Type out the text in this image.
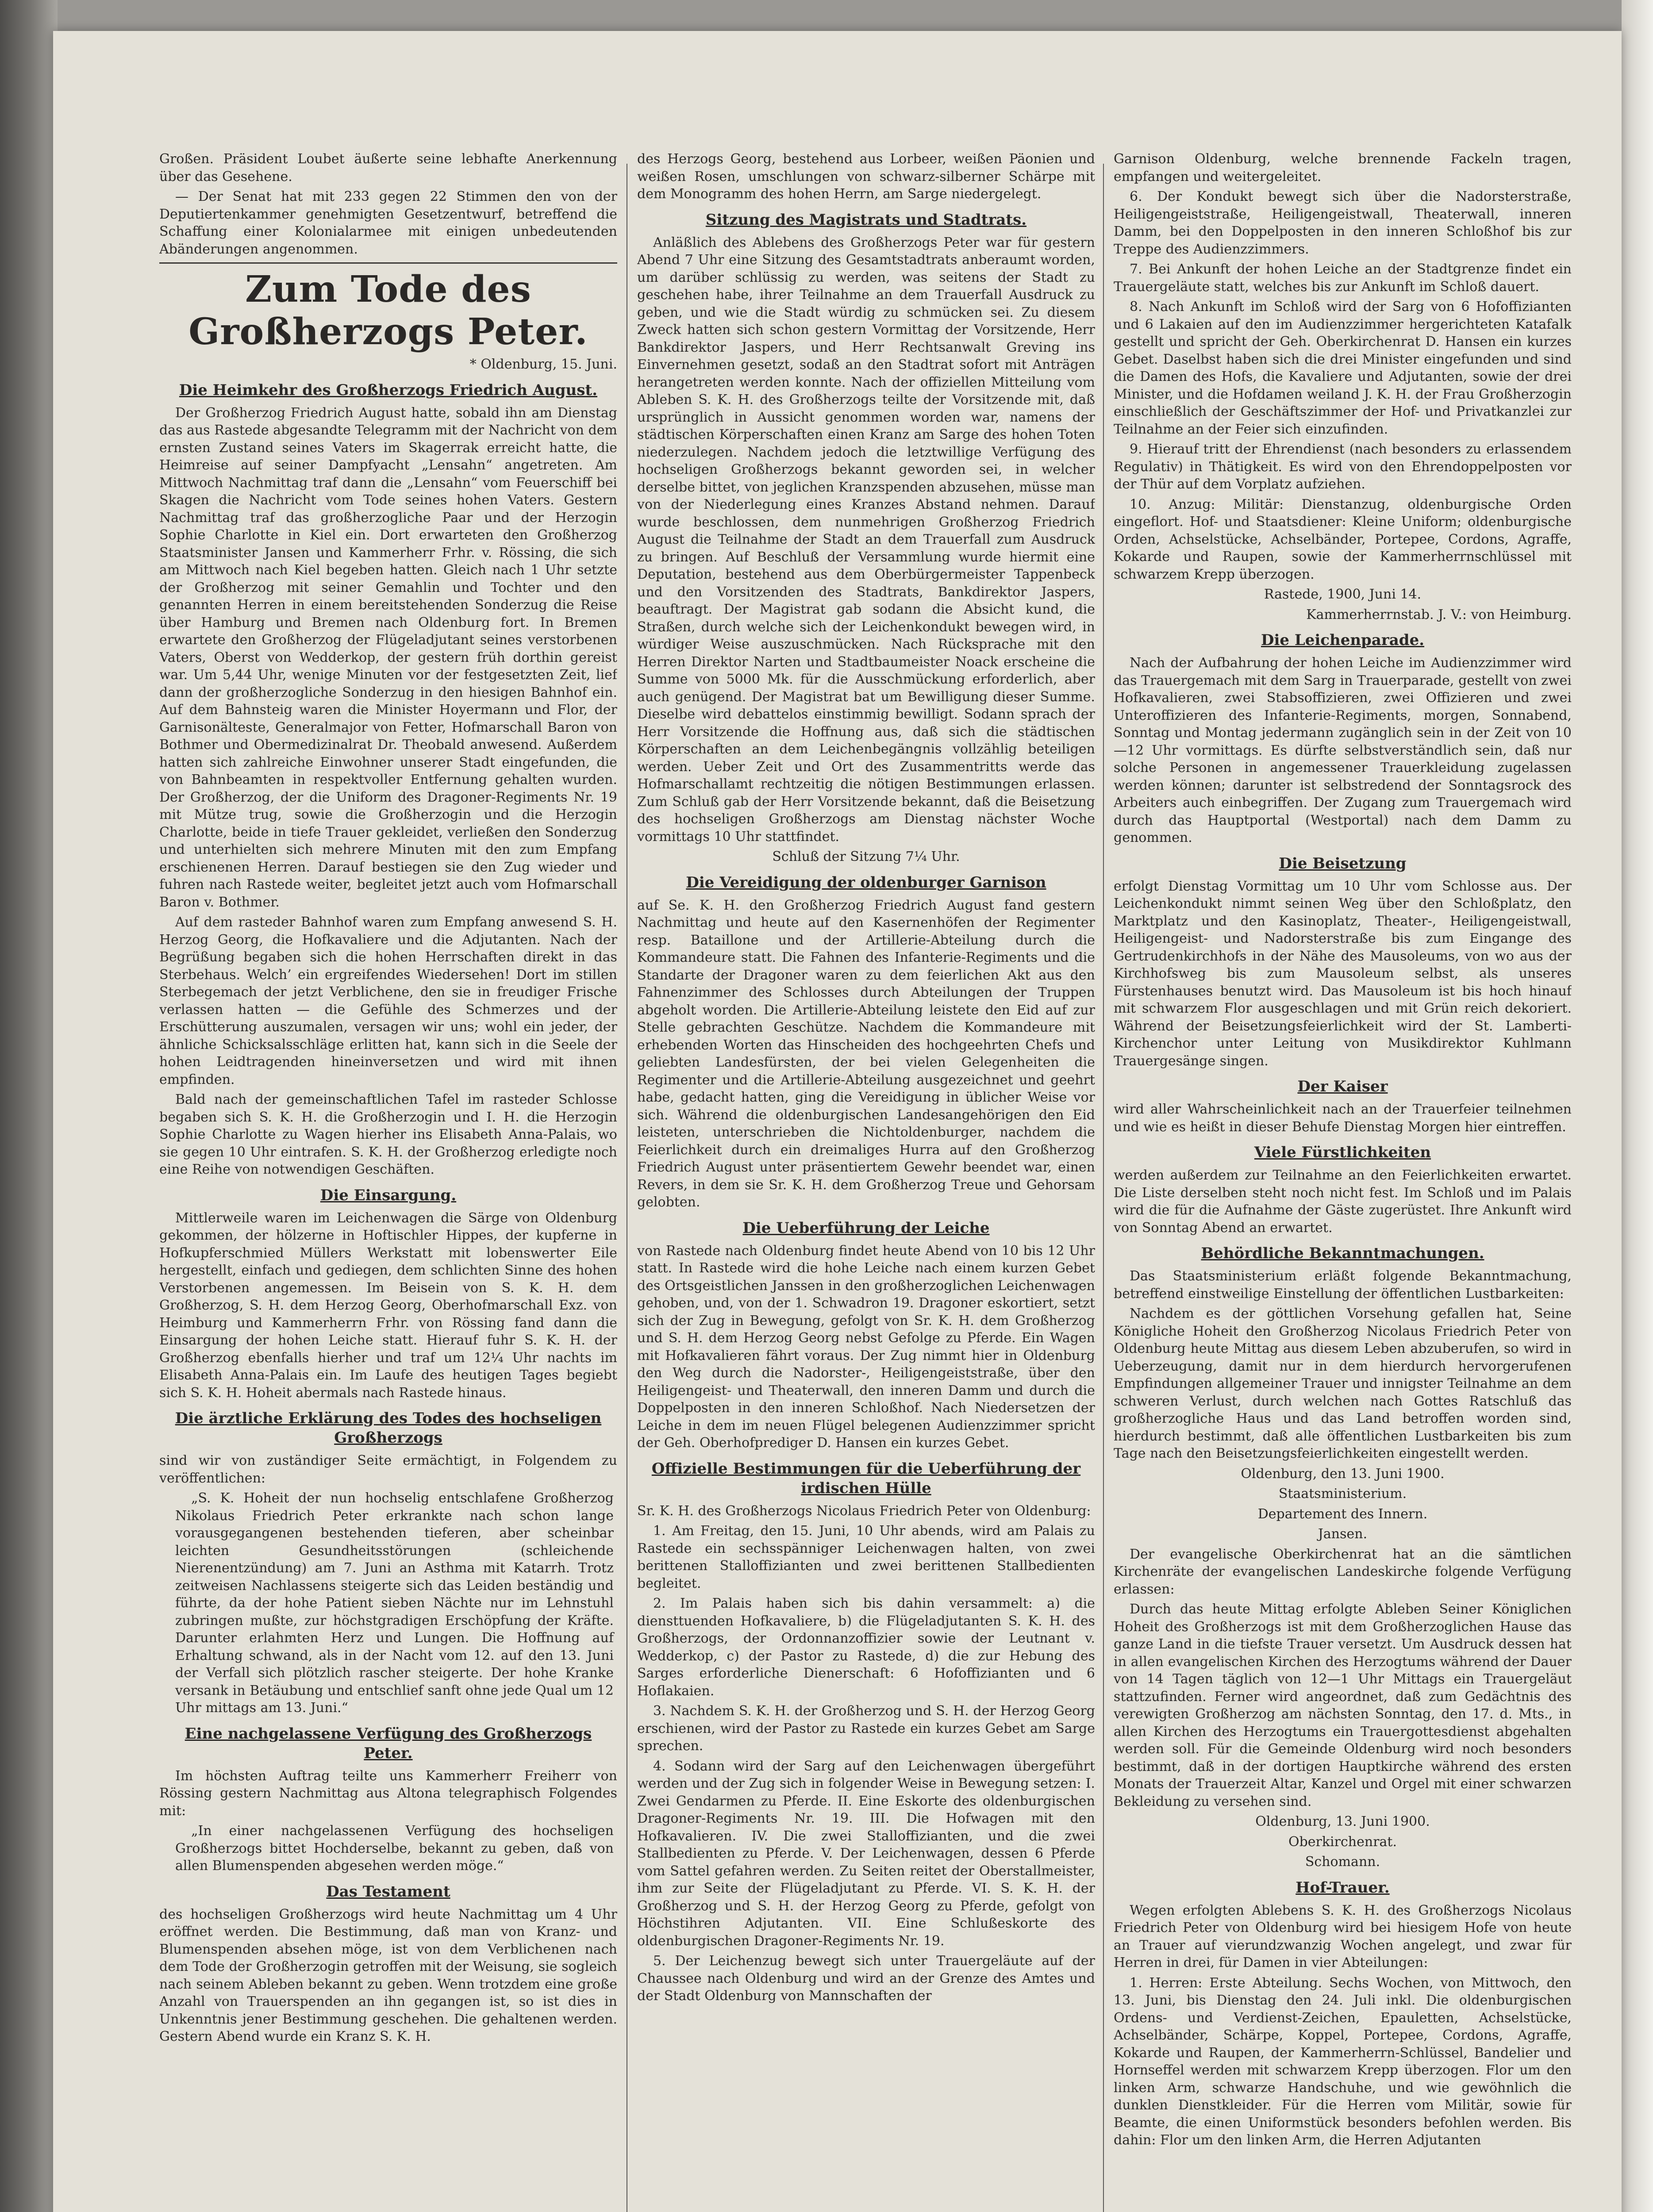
Großen. Präsident Loubet äußerte seine lebhafte Anerkennung über das Gesehene.

— Der Senat hat mit 233 gegen 22 Stimmen den von der Deputiertenkammer genehmigten Gesetzentwurf, betreffend die Schaffung einer Kolonialarmee mit einigen unbedeutenden Abänderungen angenommen.

Zum Tode des Großherzogs Peter.

* Oldenburg, 15. Juni.

Die Heimkehr des Großherzogs Friedrich August.

Der Großherzog Friedrich August hatte, sobald ihn am Dienstag das aus Rastede abgesandte Telegramm mit der Nachricht von dem ernsten Zustand seines Vaters im Skagerrak erreicht hatte, die Heimreise auf seiner Dampfyacht „Lensahn“ angetreten. Am Mittwoch Nachmittag traf dann die „Lensahn“ vom Feuerschiff bei Skagen die Nachricht vom Tode seines hohen Vaters. Gestern Nachmittag traf das großherzogliche Paar und der Herzogin Sophie Charlotte in Kiel ein. Dort erwarteten den Großherzog Staatsminister Jansen und Kammerherr Frhr. v. Rössing, die sich am Mittwoch nach Kiel begeben hatten. Gleich nach 1 Uhr setzte der Großherzog mit seiner Gemahlin und Tochter und den genannten Herren in einem bereitstehenden Sonderzug die Reise über Hamburg und Bremen nach Oldenburg fort. In Bremen erwartete den Großherzog der Flügeladjutant seines verstorbenen Vaters, Oberst von Wedderkop, der gestern früh dorthin gereist war. Um 5,44 Uhr, wenige Minuten vor der festgesetzten Zeit, lief dann der großherzogliche Sonderzug in den hiesigen Bahnhof ein. Auf dem Bahnsteig waren die Minister Hoyermann und Flor, der Garnisonälteste, Generalmajor von Fetter, Hofmarschall Baron von Bothmer und Obermedizinalrat Dr. Theobald anwesend. Außerdem hatten sich zahlreiche Einwohner unserer Stadt eingefunden, die von Bahnbeamten in respektvoller Entfernung gehalten wurden. Der Großherzog, der die Uniform des Dragoner-Regiments Nr. 19 mit Mütze trug, sowie die Großherzogin und die Herzogin Charlotte, beide in tiefe Trauer gekleidet, verließen den Sonderzug und unterhielten sich mehrere Minuten mit den zum Empfang erschienenen Herren. Darauf bestiegen sie den Zug wieder und fuhren nach Rastede weiter, begleitet jetzt auch vom Hofmarschall Baron v. Bothmer.

Auf dem rasteder Bahnhof waren zum Empfang anwesend S. H. Herzog Georg, die Hofkavaliere und die Adjutanten. Nach der Begrüßung begaben sich die hohen Herrschaften direkt in das Sterbehaus. Welch’ ein ergreifendes Wiedersehen! Dort im stillen Sterbegemach der jetzt Verblichene, den sie in freudiger Frische verlassen hatten — die Gefühle des Schmerzes und der Erschütterung auszumalen, versagen wir uns; wohl ein jeder, der ähnliche Schicksalsschläge erlitten hat, kann sich in die Seele der hohen Leidtragenden hineinversetzen und wird mit ihnen empfinden.

Bald nach der gemeinschaftlichen Tafel im rasteder Schlosse begaben sich S. K. H. die Großherzogin und I. H. die Herzogin Sophie Charlotte zu Wagen hierher ins Elisabeth Anna-Palais, wo sie gegen 10 Uhr eintrafen. S. K. H. der Großherzog erledigte noch eine Reihe von notwendigen Geschäften.

Die Einsargung.

Mittlerweile waren im Leichenwagen die Särge von Oldenburg gekommen, der hölzerne in Hoftischler Hippes, der kupferne in Hofkupferschmied Müllers Werkstatt mit lobenswerter Eile hergestellt, einfach und gediegen, dem schlichten Sinne des hohen Verstorbenen angemessen. Im Beisein von S. K. H. dem Großherzog, S. H. dem Herzog Georg, Oberhofmarschall Exz. von Heimburg und Kammerherrn Frhr. von Rössing fand dann die Einsargung der hohen Leiche statt. Hierauf fuhr S. K. H. der Großherzog ebenfalls hierher und traf um 12¼ Uhr nachts im Elisabeth Anna-Palais ein. Im Laufe des heutigen Tages begiebt sich S. K. H. Hoheit abermals nach Rastede hinaus.

Die ärztliche Erklärung des Todes des hochseligen Großherzogs

sind wir von zuständiger Seite ermächtigt, in Folgendem zu veröffentlichen:

„S. K. Hoheit der nun hochselig entschlafene Großherzog Nikolaus Friedrich Peter erkrankte nach schon lange vorausgegangenen bestehenden tieferen, aber scheinbar leichten Gesundheitsstörungen (schleichende Nierenentzündung) am 7. Juni an Asthma mit Katarrh. Trotz zeitweisen Nachlassens steigerte sich das Leiden beständig und führte, da der hohe Patient sieben Nächte nur im Lehnstuhl zubringen mußte, zur höchstgradigen Erschöpfung der Kräfte. Darunter erlahmten Herz und Lungen. Die Hoffnung auf Erhaltung schwand, als in der Nacht vom 12. auf den 13. Juni der Verfall sich plötzlich rascher steigerte. Der hohe Kranke versank in Betäubung und entschlief sanft ohne jede Qual um 12 Uhr mittags am 13. Juni.“

Eine nachgelassene Verfügung des Großherzogs Peter.

Im höchsten Auftrag teilte uns Kammerherr Freiherr von Rössing gestern Nachmittag aus Altona telegraphisch Folgendes mit:

„In einer nachgelassenen Verfügung des hochseligen Großherzogs bittet Hochderselbe, bekannt zu geben, daß von allen Blumenspenden abgesehen werden möge.“

Das Testament

des hochseligen Großherzogs wird heute Nachmittag um 4 Uhr eröffnet werden. Die Bestimmung, daß man von Kranz- und Blumenspenden absehen möge, ist von dem Verblichenen nach dem Tode der Großherzogin getroffen mit der Weisung, sie sogleich nach seinem Ableben bekannt zu geben. Wenn trotzdem eine große Anzahl von Trauerspenden an ihn gegangen ist, so ist dies in Unkenntnis jener Bestimmung geschehen. Die gehaltenen werden. Gestern Abend wurde ein Kranz S. K. H.

des Herzogs Georg, bestehend aus Lorbeer, weißen Päonien und weißen Rosen, umschlungen von schwarz-silberner Schärpe mit dem Monogramm des hohen Herrn, am Sarge niedergelegt.

Sitzung des Magistrats und Stadtrats.

Anläßlich des Ablebens des Großherzogs Peter war für gestern Abend 7 Uhr eine Sitzung des Gesamtstadtrats anberaumt worden, um darüber schlüssig zu werden, was seitens der Stadt zu geschehen habe, ihrer Teilnahme an dem Trauerfall Ausdruck zu geben, und wie die Stadt würdig zu schmücken sei. Zu diesem Zweck hatten sich schon gestern Vormittag der Vorsitzende, Herr Bankdirektor Jaspers, und Herr Rechtsanwalt Greving ins Einvernehmen gesetzt, sodaß an den Stadtrat sofort mit Anträgen herangetreten werden konnte. Nach der offiziellen Mitteilung vom Ableben S. K. H. des Großherzogs teilte der Vorsitzende mit, daß ursprünglich in Aussicht genommen worden war, namens der städtischen Körperschaften einen Kranz am Sarge des hohen Toten niederzulegen. Nachdem jedoch die letztwillige Verfügung des hochseligen Großherzogs bekannt geworden sei, in welcher derselbe bittet, von jeglichen Kranzspenden abzusehen, müsse man von der Niederlegung eines Kranzes Abstand nehmen. Darauf wurde beschlossen, dem nunmehrigen Großherzog Friedrich August die Teilnahme der Stadt an dem Trauerfall zum Ausdruck zu bringen. Auf Beschluß der Versammlung wurde hiermit eine Deputation, bestehend aus dem Oberbürgermeister Tappenbeck und den Vorsitzenden des Stadtrats, Bankdirektor Jaspers, beauftragt. Der Magistrat gab sodann die Absicht kund, die Straßen, durch welche sich der Leichenkondukt bewegen wird, in würdiger Weise auszuschmücken. Nach Rücksprache mit den Herren Direktor Narten und Stadtbaumeister Noack erscheine die Summe von 5000 Mk. für die Ausschmückung erforderlich, aber auch genügend. Der Magistrat bat um Bewilligung dieser Summe. Dieselbe wird debattelos einstimmig bewilligt. Sodann sprach der Herr Vorsitzende die Hoffnung aus, daß sich die städtischen Körperschaften an dem Leichenbegängnis vollzählig beteiligen werden. Ueber Zeit und Ort des Zusammentritts werde das Hofmarschallamt rechtzeitig die nötigen Bestimmungen erlassen. Zum Schluß gab der Herr Vorsitzende bekannt, daß die Beisetzung des hochseligen Großherzogs am Dienstag nächster Woche vormittags 10 Uhr stattfindet.

Schluß der Sitzung 7¼ Uhr.

Die Vereidigung der oldenburger Garnison

auf Se. K. H. den Großherzog Friedrich August fand gestern Nachmittag und heute auf den Kasernenhöfen der Regimenter resp. Bataillone und der Artillerie-Abteilung durch die Kommandeure statt. Die Fahnen des Infanterie-Regiments und die Standarte der Dragoner waren zu dem feierlichen Akt aus den Fahnenzimmer des Schlosses durch Abteilungen der Truppen abgeholt worden. Die Artillerie-Abteilung leistete den Eid auf zur Stelle gebrachten Geschütze. Nachdem die Kommandeure mit erhebenden Worten das Hinscheiden des hochgeehrten Chefs und geliebten Landesfürsten, der bei vielen Gelegenheiten die Regimenter und die Artillerie-Abteilung ausgezeichnet und geehrt habe, gedacht hatten, ging die Vereidigung in üblicher Weise vor sich. Während die oldenburgischen Landesangehörigen den Eid leisteten, unterschrieben die Nichtoldenburger, nachdem die Feierlichkeit durch ein dreimaliges Hurra auf den Großherzog Friedrich August unter präsentiertem Gewehr beendet war, einen Revers, in dem sie Sr. K. H. dem Großherzog Treue und Gehorsam gelobten.

Die Ueberführung der Leiche

von Rastede nach Oldenburg findet heute Abend von 10 bis 12 Uhr statt. In Rastede wird die hohe Leiche nach einem kurzen Gebet des Ortsgeistlichen Janssen in den großherzoglichen Leichenwagen gehoben, und, von der 1. Schwadron 19. Dragoner eskortiert, setzt sich der Zug in Bewegung, gefolgt von Sr. K. H. dem Großherzog und S. H. dem Herzog Georg nebst Gefolge zu Pferde. Ein Wagen mit Hofkavalieren fährt voraus. Der Zug nimmt hier in Oldenburg den Weg durch die Nadorster-, Heiligengeiststraße, über den Heiligengeist- und Theaterwall, den inneren Damm und durch die Doppelposten in den inneren Schloßhof. Nach Niedersetzen der Leiche in dem im neuen Flügel belegenen Audienzzimmer spricht der Geh. Oberhofprediger D. Hansen ein kurzes Gebet.

Offizielle Bestimmungen für die Ueberführung der irdischen Hülle

Sr. K. H. des Großherzogs Nicolaus Friedrich Peter von Oldenburg:

1. Am Freitag, den 15. Juni, 10 Uhr abends, wird am Palais zu Rastede ein sechsspänniger Leichenwagen halten, von zwei berittenen Stalloffizianten und zwei berittenen Stallbedienten begleitet.

2. Im Palais haben sich bis dahin versammelt: a) die diensttuenden Hofkavaliere, b) die Flügeladjutanten S. K. H. des Großherzogs, der Ordonnanzoffizier sowie der Leutnant v. Wedderkop, c) der Pastor zu Rastede, d) die zur Hebung des Sarges erforderliche Dienerschaft: 6 Hofoffizianten und 6 Hoflakaien.

3. Nachdem S. K. H. der Großherzog und S. H. der Herzog Georg erschienen, wird der Pastor zu Rastede ein kurzes Gebet am Sarge sprechen.

4. Sodann wird der Sarg auf den Leichenwagen übergeführt werden und der Zug sich in folgender Weise in Bewegung setzen: I. Zwei Gendarmen zu Pferde. II. Eine Eskorte des oldenburgischen Dragoner-Regiments Nr. 19. III. Die Hofwagen mit den Hofkavalieren. IV. Die zwei Stalloffizianten, und die zwei Stallbedienten zu Pferde. V. Der Leichenwagen, dessen 6 Pferde vom Sattel gefahren werden. Zu Seiten reitet der Oberstallmeister, ihm zur Seite der Flügeladjutant zu Pferde. VI. S. K. H. der Großherzog und S. H. der Herzog Georg zu Pferde, gefolgt von Höchstihren Adjutanten. VII. Eine Schlußeskorte des oldenburgischen Dragoner-Regiments Nr. 19.

5. Der Leichenzug bewegt sich unter Trauergeläute auf der Chaussee nach Oldenburg und wird an der Grenze des Amtes und der Stadt Oldenburg von Mannschaften der

Garnison Oldenburg, welche brennende Fackeln tragen, empfangen und weitergeleitet.

6. Der Kondukt bewegt sich über die Nadorsterstraße, Heiligengeiststraße, Heiligengeistwall, Theaterwall, inneren Damm, bei den Doppelposten in den inneren Schloßhof bis zur Treppe des Audienzzimmers.

7. Bei Ankunft der hohen Leiche an der Stadtgrenze findet ein Trauergeläute statt, welches bis zur Ankunft im Schloß dauert.

8. Nach Ankunft im Schloß wird der Sarg von 6 Hofoffizianten und 6 Lakaien auf den im Audienzzimmer hergerichteten Katafalk gestellt und spricht der Geh. Oberkirchenrat D. Hansen ein kurzes Gebet. Daselbst haben sich die drei Minister eingefunden und sind die Damen des Hofs, die Kavaliere und Adjutanten, sowie der drei Minister, und die Hofdamen weiland J. K. H. der Frau Großherzogin einschließlich der Geschäftszimmer der Hof- und Privatkanzlei zur Teilnahme an der Feier sich einzufinden.

9. Hierauf tritt der Ehrendienst (nach besonders zu erlassendem Regulativ) in Thätigkeit. Es wird von den Ehrendoppelposten vor der Thür auf dem Vorplatz aufziehen.

10. Anzug: Militär: Dienstanzug, oldenburgische Orden eingeflort. Hof- und Staatsdiener: Kleine Uniform; oldenburgische Orden, Achselstücke, Achselbänder, Portepee, Cordons, Agraffe, Kokarde und Raupen, sowie der Kammerherrnschlüssel mit schwarzem Krepp überzogen.

Rastede, 1900, Juni 14.

Kammerherrnstab. J. V.: von Heimburg.

Die Leichenparade.

Nach der Aufbahrung der hohen Leiche im Audienzzimmer wird das Trauergemach mit dem Sarg in Trauerparade, gestellt von zwei Hofkavalieren, zwei Stabsoffizieren, zwei Offizieren und zwei Unteroffizieren des Infanterie-Regiments, morgen, Sonnabend, Sonntag und Montag jedermann zugänglich sein in der Zeit von 10—12 Uhr vormittags. Es dürfte selbstverständlich sein, daß nur solche Personen in angemessener Trauerkleidung zugelassen werden können; darunter ist selbstredend der Sonntagsrock des Arbeiters auch einbegriffen. Der Zugang zum Trauergemach wird durch das Hauptportal (Westportal) nach dem Damm zu genommen.

Die Beisetzung

erfolgt Dienstag Vormittag um 10 Uhr vom Schlosse aus. Der Leichenkondukt nimmt seinen Weg über den Schloßplatz, den Marktplatz und den Kasinoplatz, Theater-, Heiligengeistwall, Heiligengeist- und Nadorsterstraße bis zum Eingange des Gertrudenkirchhofs in der Nähe des Mausoleums, von wo aus der Kirchhofsweg bis zum Mausoleum selbst, als unseres Fürstenhauses benutzt wird. Das Mausoleum ist bis hoch hinauf mit schwarzem Flor ausgeschlagen und mit Grün reich dekoriert. Während der Beisetzungsfeierlichkeit wird der St. Lamberti-Kirchenchor unter Leitung von Musikdirektor Kuhlmann Trauergesänge singen.

Der Kaiser

wird aller Wahrscheinlichkeit nach an der Trauerfeier teilnehmen und wie es heißt in dieser Behufe Dienstag Morgen hier eintreffen.

Viele Fürstlichkeiten

werden außerdem zur Teilnahme an den Feierlichkeiten erwartet. Die Liste derselben steht noch nicht fest. Im Schloß und im Palais wird die für die Aufnahme der Gäste zugerüstet. Ihre Ankunft wird von Sonntag Abend an erwartet.

Behördliche Bekanntmachungen.

Das Staatsministerium erläßt folgende Bekanntmachung, betreffend einstweilige Einstellung der öffentlichen Lustbarkeiten:

Nachdem es der göttlichen Vorsehung gefallen hat, Seine Königliche Hoheit den Großherzog Nicolaus Friedrich Peter von Oldenburg heute Mittag aus diesem Leben abzuberufen, so wird in Ueberzeugung, damit nur in dem hierdurch hervorgerufenen Empfindungen allgemeiner Trauer und innigster Teilnahme an dem schweren Verlust, durch welchen nach Gottes Ratschluß das großherzogliche Haus und das Land betroffen worden sind, hierdurch bestimmt, daß alle öffentlichen Lustbarkeiten bis zum Tage nach den Beisetzungsfeierlichkeiten eingestellt werden.

Oldenburg, den 13. Juni 1900.

Staatsministerium.

Departement des Innern.

Jansen.

Der evangelische Oberkirchenrat hat an die sämtlichen Kirchenräte der evangelischen Landeskirche folgende Verfügung erlassen:

Durch das heute Mittag erfolgte Ableben Seiner Königlichen Hoheit des Großherzogs ist mit dem Großherzoglichen Hause das ganze Land in die tiefste Trauer versetzt. Um Ausdruck dessen hat in allen evangelischen Kirchen des Herzogtums während der Dauer von 14 Tagen täglich von 12—1 Uhr Mittags ein Trauergeläut stattzufinden. Ferner wird angeordnet, daß zum Gedächtnis des verewigten Großherzog am nächsten Sonntag, den 17. d. Mts., in allen Kirchen des Herzogtums ein Trauergottesdienst abgehalten werden soll. Für die Gemeinde Oldenburg wird noch besonders bestimmt, daß in der dortigen Hauptkirche während des ersten Monats der Trauerzeit Altar, Kanzel und Orgel mit einer schwarzen Bekleidung zu versehen sind.

Oldenburg, 13. Juni 1900.

Oberkirchenrat.

Schomann.

Hof-Trauer.

Wegen erfolgten Ablebens S. K. H. des Großherzogs Nicolaus Friedrich Peter von Oldenburg wird bei hiesigem Hofe von heute an Trauer auf vierundzwanzig Wochen angelegt, und zwar für Herren in drei, für Damen in vier Abteilungen:

1. Herren: Erste Abteilung. Sechs Wochen, von Mittwoch, den 13. Juni, bis Dienstag den 24. Juli inkl. Die oldenburgischen Ordens- und Verdienst-Zeichen, Epauletten, Achselstücke, Achselbänder, Schärpe, Koppel, Portepee, Cordons, Agraffe, Kokarde und Raupen, der Kammerherrn-Schlüssel, Bandelier und Hornseffel werden mit schwarzem Krepp überzogen. Flor um den linken Arm, schwarze Handschuhe, und wie gewöhnlich die dunklen Dienstkleider. Für die Herren vom Militär, sowie für Beamte, die einen Uniformstück besonders befohlen werden. Bis dahin: Flor um den linken Arm, die Herren Adjutanten
